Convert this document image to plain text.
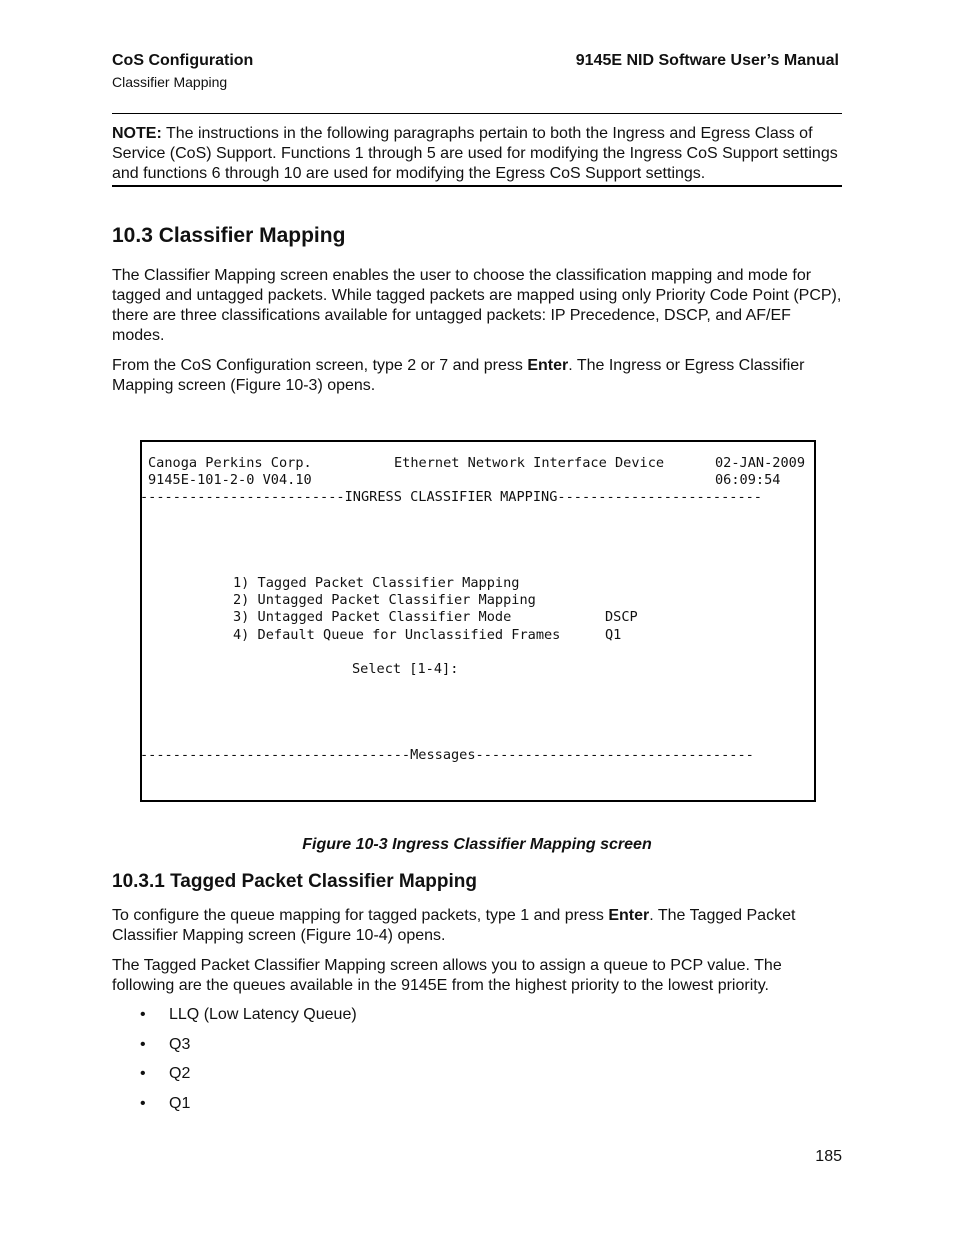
CoS Configuration
Classifier Mapping
9145E NID Software User’s Manual
NOTE: The instructions in the following paragraphs pertain to both the Ingress and Egress Class of Service (CoS) Support. Functions 1 through 5 are used for modifying the Ingress CoS Support settings and functions 6 through 10 are used for modifying the Egress CoS Support settings.
10.3 Classifier Mapping
The Classifier Mapping screen enables the user to choose the classification mapping and mode for tagged and untagged packets. While tagged packets are mapped using only Priority Code Point (PCP), there are three classifications available for untagged packets: IP Precedence, DSCP, and AF/EF modes.
From the CoS Configuration screen, type 2 or 7 and press Enter. The Ingress or Egress Classifier Mapping screen (Figure 10-3) opens.
Canoga Perkins Corp.	Ethernet Network Interface Device	02-JAN-2009
9145E-101-2-0 V04.10	06:09:54
-------------------------INGRESS CLASSIFIER MAPPING-------------------------
1) Tagged Packet Classifier Mapping
2) Untagged Packet Classifier Mapping
3) Untagged Packet Classifier Mode	DSCP
4) Default Queue for Unclassified Frames	Q1
Select [1-4]:
---------------------------------Messages----------------------------------
Figure 10-3 Ingress Classifier Mapping screen
10.3.1 Tagged Packet Classifier Mapping
To configure the queue mapping for tagged packets, type 1 and press Enter. The Tagged Packet Classifier Mapping screen (Figure 10-4) opens.
The Tagged Packet Classifier Mapping screen allows you to assign a queue to PCP value. The following are the queues available in the 9145E from the highest priority to the lowest priority.
• LLQ (Low Latency Queue)
• Q3
• Q2
• Q1
185
